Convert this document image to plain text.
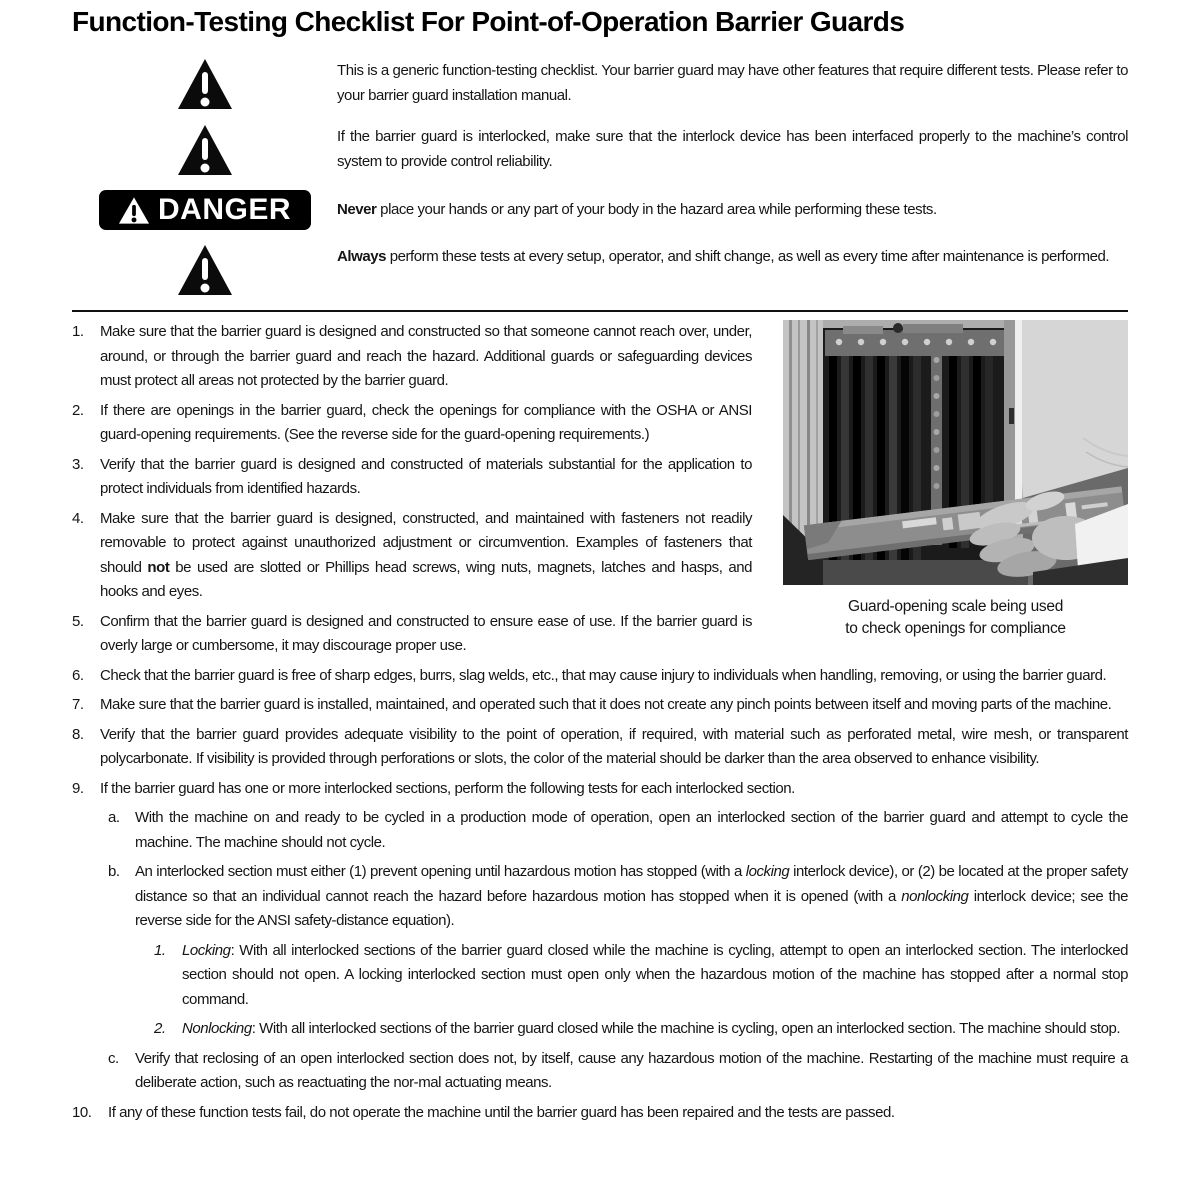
Function-Testing Checklist For Point-of-Operation Barrier Guards
This is a generic function-testing checklist. Your barrier guard may have other features that require different tests. Please refer to your barrier guard installation manual.
If the barrier guard is interlocked, make sure that the interlock device has been interfaced properly to the machine’s control system to provide control reliability.
DANGER	Never place your hands or any part of your body in the hazard area while performing these tests.
Always perform these tests at every setup, operator, and shift change, as well as every time after maintenance is performed.
Guard-opening scale being used
to check openings for compliance
1.	Make sure that the barrier guard is designed and constructed so that someone cannot reach over, under, around, or through the barrier guard and reach the hazard. Additional guards or safeguarding devices must protect all areas not protected by the barrier guard.
2.	If there are openings in the barrier guard, check the openings for compliance with the OSHA or ANSI guard-opening requirements. (See the reverse side for the guard-opening requirements.)
3.	Verify that the barrier guard is designed and constructed of materials substantial for the application to protect individuals from identified hazards.
4.	Make sure that the barrier guard is designed, constructed, and maintained with fasteners not readily removable to protect against unauthorized adjustment or circumvention. Examples of fasteners that should not be used are slotted or Phillips head screws, wing nuts, magnets, latches and hasps, and hooks and eyes.
5.	Confirm that the barrier guard is designed and constructed to ensure ease of use. If the barrier guard is overly large or cumbersome, it may discourage proper use.
6.	Check that the barrier guard is free of sharp edges, burrs, slag welds, etc., that may cause injury to individuals when handling, removing, or using the barrier guard.
7.	Make sure that the barrier guard is installed, maintained, and operated such that it does not create any pinch points between itself and moving parts of the machine.
8.	Verify that the barrier guard provides adequate visibility to the point of operation, if required, with material such as perforated metal, wire mesh, or transparent polycarbonate. If visibility is provided through perforations or slots, the color of the material should be darker than the area observed to enhance visibility.
9.	If the barrier guard has one or more interlocked sections, perform the following tests for each interlocked section.
a.	With the machine on and ready to be cycled in a production mode of operation, open an interlocked section of the barrier guard and attempt to cycle the machine. The machine should not cycle.
b.	An interlocked section must either (1) prevent opening until hazardous motion has stopped (with a locking interlock device), or (2) be located at the proper safety distance so that an individual cannot reach the hazard before hazardous motion has stopped when it is opened (with a nonlocking interlock device; see the reverse side for the ANSI safety-distance equation).
1.	Locking: With all interlocked sections of the barrier guard closed while the machine is cycling, attempt to open an interlocked section. The interlocked section should not open. A locking interlocked section must open only when the hazardous motion of the machine has stopped after a normal stop command.
2.	Nonlocking: With all interlocked sections of the barrier guard closed while the machine is cycling, open an interlocked section. The machine should stop.
c.	Verify that reclosing of an open interlocked section does not, by itself, cause any hazardous motion of the machine. Restarting of the machine must require a deliberate action, such as reactuating the nor-mal actuating means.
10.	If any of these function tests fail, do not operate the machine until the barrier guard has been repaired and the tests are passed.
